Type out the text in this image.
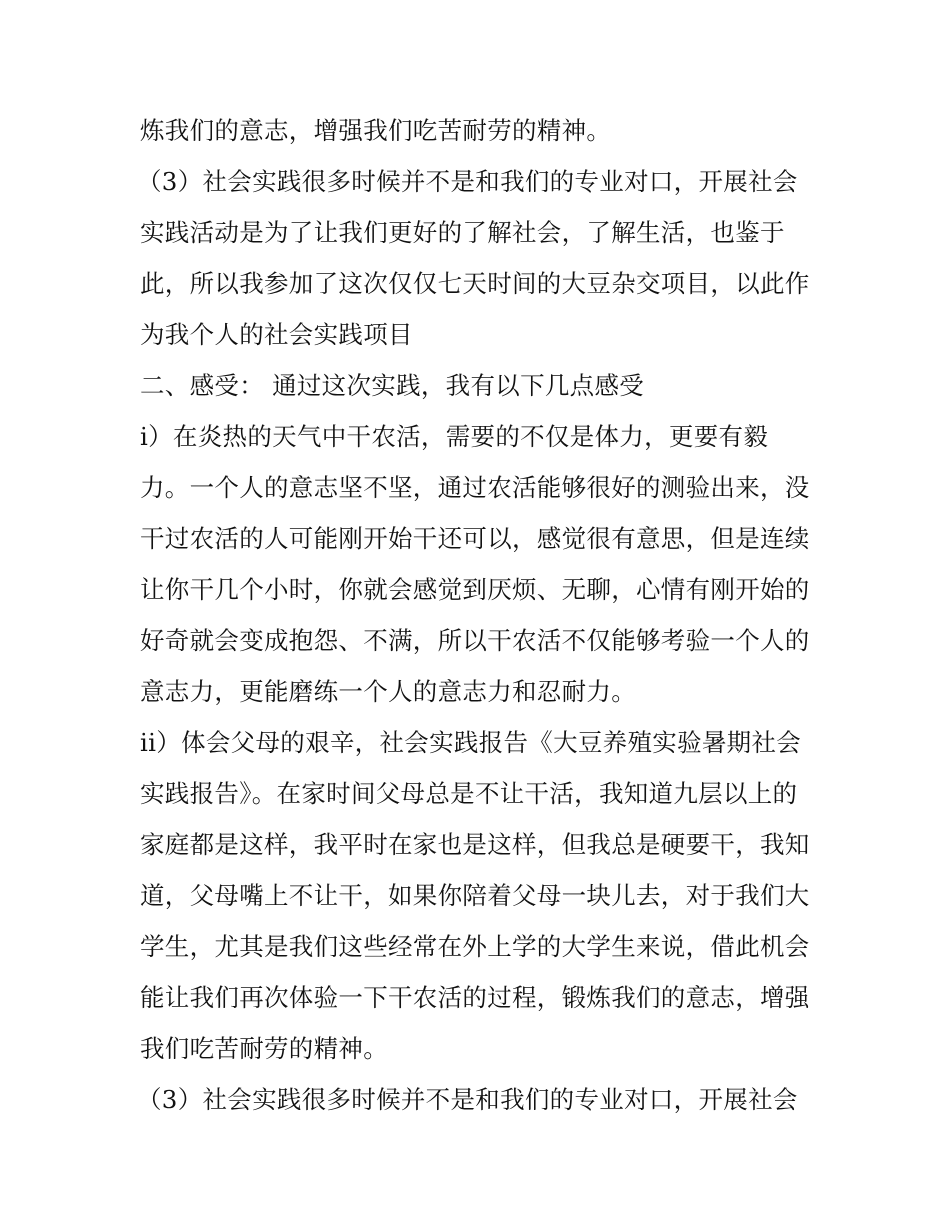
炼我们的意志，增强我们吃苦耐劳的精神。
（3）社会实践很多时候并不是和我们的专业对口，开展社会
实践活动是为了让我们更好的了解社会，了解生活，也鉴于
此，所以我参加了这次仅仅七天时间的大豆杂交项目，以此作
为我个人的社会实践项目
二、感受： 通过这次实践，我有以下几点感受
i）在炎热的天气中干农活，需要的不仅是体力，更要有毅
力。一个人的意志坚不坚，通过农活能够很好的测验出来，没
干过农活的人可能刚开始干还可以，感觉很有意思，但是连续
让你干几个小时，你就会感觉到厌烦、无聊，心情有刚开始的
好奇就会变成抱怨、不满，所以干农活不仅能够考验一个人的
意志力，更能磨练一个人的意志力和忍耐力。
ii）体会父母的艰辛，社会实践报告《大豆养殖实验暑期社会
实践报告》。在家时间父母总是不让干活，我知道九层以上的
家庭都是这样，我平时在家也是这样，但我总是硬要干，我知
道，父母嘴上不让干，如果你陪着父母一块儿去，对于我们大
学生，尤其是我们这些经常在外上学的大学生来说，借此机会
能让我们再次体验一下干农活的过程，锻炼我们的意志，增强
我们吃苦耐劳的精神。
（3）社会实践很多时候并不是和我们的专业对口，开展社会
